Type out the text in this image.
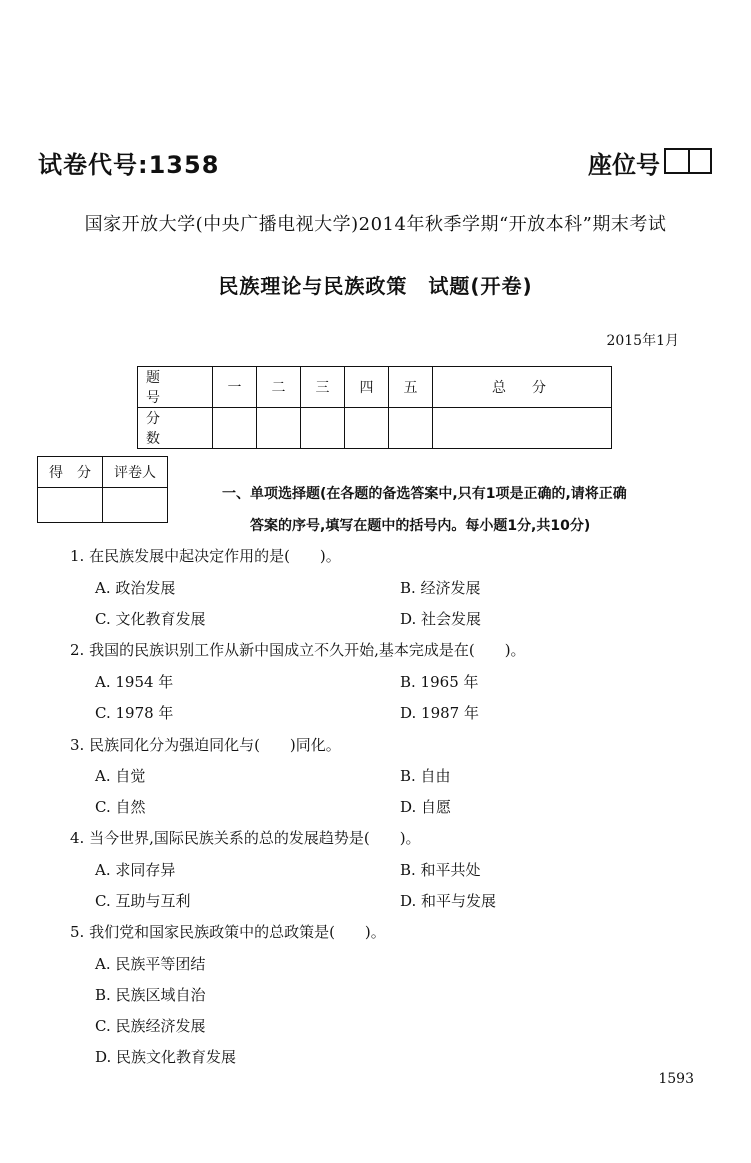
试卷代号:1358	座位号
国家开放大学(中央广播电视大学)2014年秋季学期“开放本科”期末考试
民族理论与民族政策　试题(开卷)
2015年1月
题　号	一	二	三	四	五	总　分
分　数						
得　分	评卷人

一、单项选择题(在各题的备选答案中,只有1项是正确的,请将正确
答案的序号,填写在题中的括号内。每小题1分,共10分)
1. 在民族发展中起决定作用的是(　　)。
A. 政治发展	B. 经济发展
C. 文化教育发展	D. 社会发展
2. 我国的民族识别工作从新中国成立不久开始,基本完成是在(　　)。
A. 1954 年	B. 1965 年
C. 1978 年	D. 1987 年
3. 民族同化分为强迫同化与(　　)同化。
A. 自觉	B. 自由
C. 自然	D. 自愿
4. 当今世界,国际民族关系的总的发展趋势是(　　)。
A. 求同存异	B. 和平共处
C. 互助与互利	D. 和平与发展
5. 我们党和国家民族政策中的总政策是(　　)。
A. 民族平等团结
B. 民族区域自治
C. 民族经济发展
D. 民族文化教育发展
1593
